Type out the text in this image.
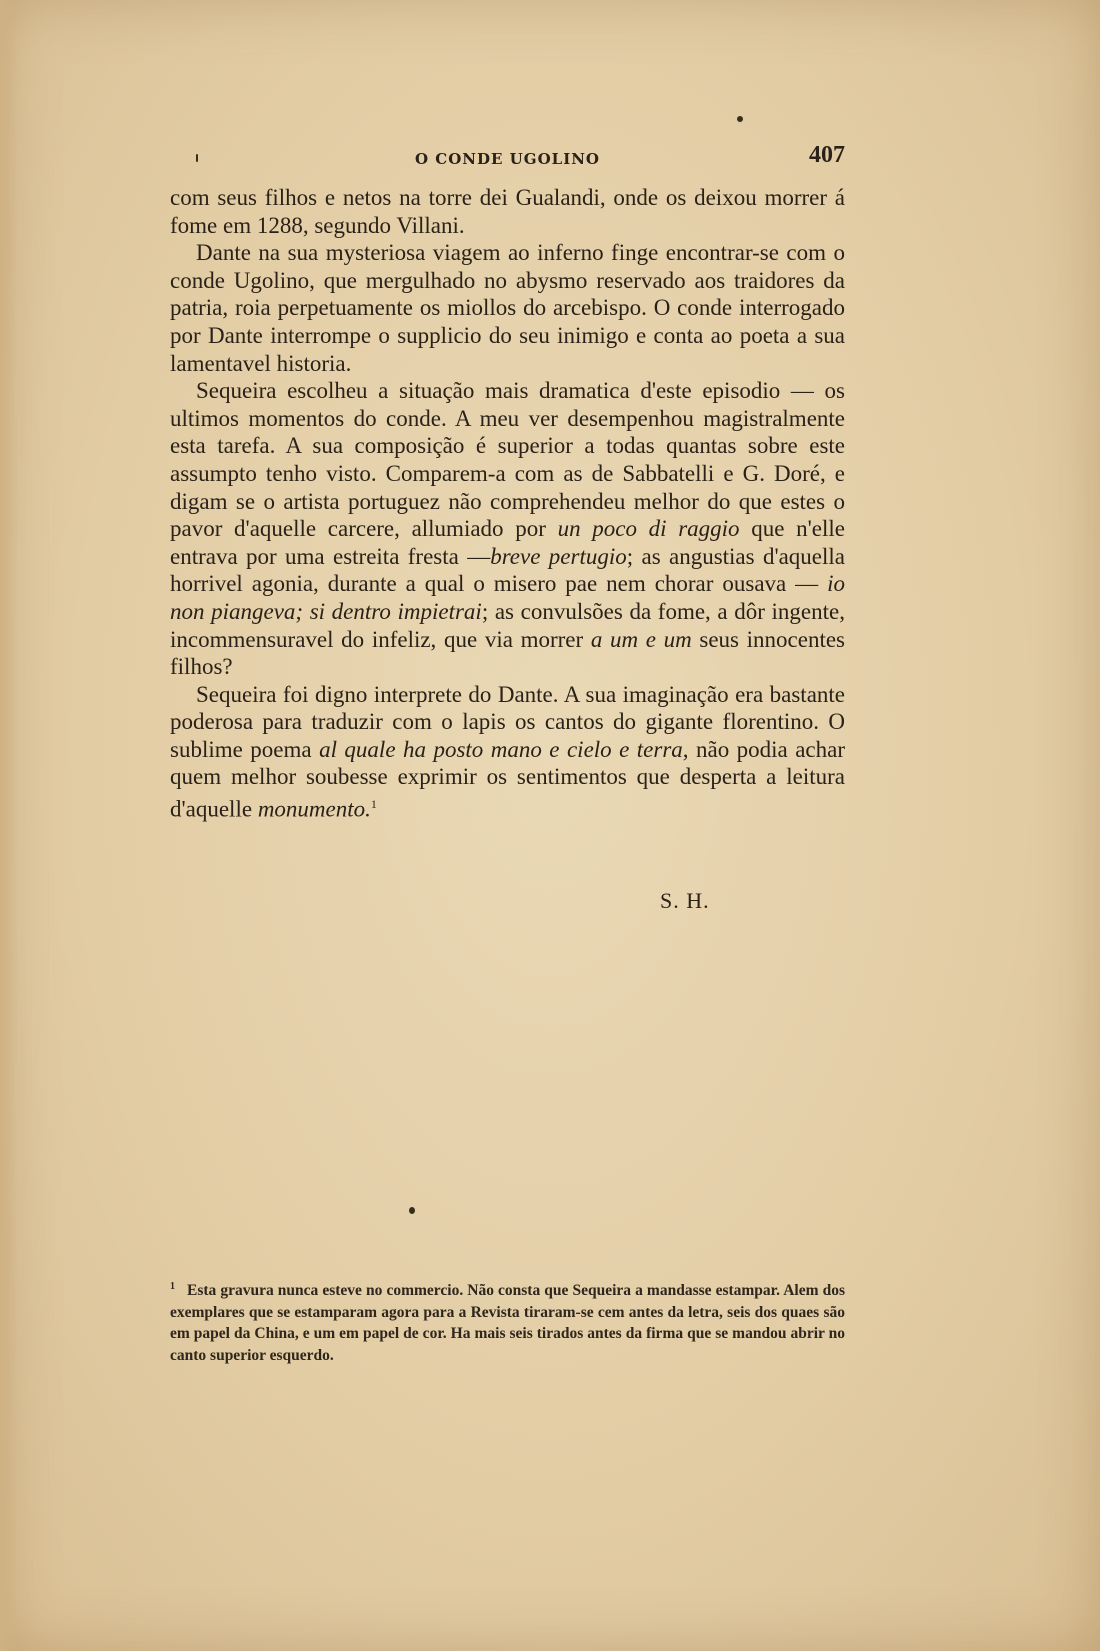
O CONDE UGOLINO	407

com seus filhos e netos na torre dei Gualandi, onde os deixou morrer á fome em 1288, segundo Villani.

Dante na sua mysteriosa viagem ao inferno finge encontrar-se com o conde Ugolino, que mergulhado no abysmo reservado aos traidores da patria, roia perpetuamente os miollos do arcebispo. O conde interrogado por Dante interrompe o supplicio do seu inimigo e conta ao poeta a sua lamentavel historia.

Sequeira escolheu a situação mais dramatica d'este episodio — os ultimos momentos do conde. A meu ver desempenhou magistralmente esta tarefa. A sua composição é superior a todas quantas sobre este assumpto tenho visto. Comparem-a com as de Sabbatelli e G. Doré, e digam se o artista portuguez não comprehendeu melhor do que estes o pavor d'aquelle carcere, allumiado por un poco di raggio que n'elle entrava por uma estreita fresta —breve pertugio; as angustias d'aquella horrivel agonia, durante a qual o misero pae nem chorar ousava — io non piangeva; si dentro impietrai; as convulsões da fome, a dôr ingente, incommensuravel do infeliz, que via morrer a um e um seus innocentes filhos?

Sequeira foi digno interprete do Dante. A sua imaginação era bastante poderosa para traduzir com o lapis os cantos do gigante florentino. O sublime poema al quale ha posto mano e cielo e terra, não podia achar quem melhor soubesse exprimir os sentimentos que desperta a leitura d'aquelle monumento.$^1$

S. H.
$^1$ Esta gravura nunca esteve no commercio. Não consta que Sequeira a mandasse estampar. Alem dos exemplares que se estamparam agora para a Revista tiraram-se cem antes da letra, seis dos quaes são em papel da China, e um em papel de cor. Ha mais seis tirados antes da firma que se mandou abrir no canto superior esquerdo.
